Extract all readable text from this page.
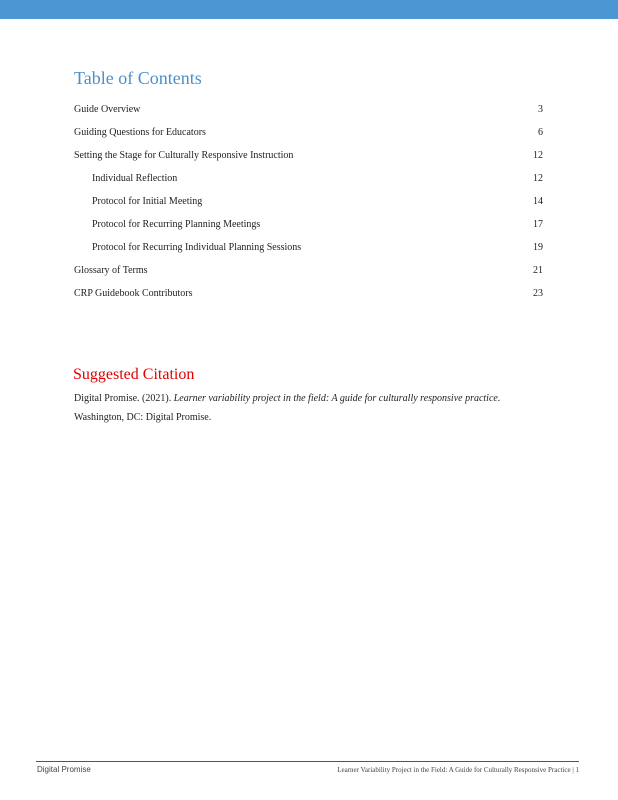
Table of Contents
Guide Overview	3
Guiding Questions for Educators	6
Setting the Stage for Culturally Responsive Instruction	12
Individual Reflection	12
Protocol for Initial Meeting	14
Protocol for Recurring Planning Meetings	17
Protocol for Recurring Individual Planning Sessions	19
Glossary of Terms	21
CRP Guidebook Contributors	23
Suggested Citation

Digital Promise. (2021). Learner variability project in the field: A guide for culturally responsive practice.
Washington, DC: Digital Promise.

Digital Promise	Learner Variability Project in the Field: A Guide for Culturally Responsive Practice | 1
